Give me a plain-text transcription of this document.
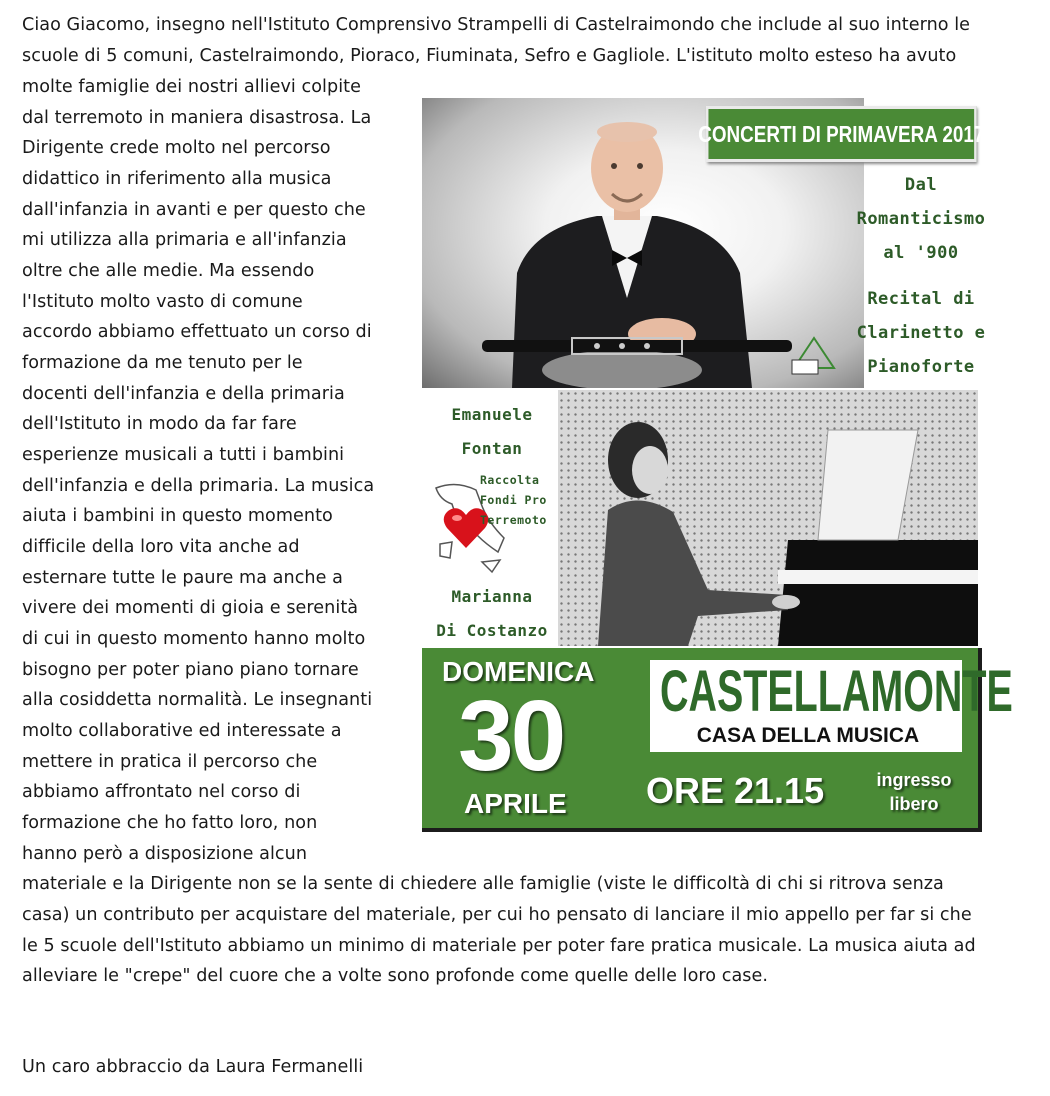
Ciao Giacomo, insegno nell'Istituto Comprensivo Strampelli di Castelraimondo che include al suo interno le
scuole di 5 comuni, Castelraimondo, Pioraco, Fiuminata, Sefro e Gagliole. L'istituto molto esteso ha avuto
molte famiglie dei nostri allievi colpite
dal terremoto in maniera disastrosa. La
Dirigente crede molto nel percorso
didattico in riferimento alla musica
dall'infanzia in avanti e per questo che
mi utilizza alla primaria e all'infanzia
oltre che alle medie. Ma essendo
l'Istituto molto vasto di comune
accordo abbiamo effettuato un corso di
formazione da me tenuto per le
docenti dell'infanzia e della primaria
dell'Istituto in modo da far fare
esperienze musicali a tutti i bambini
dell'infanzia e della primaria. La musica
aiuta i bambini in questo momento
difficile della loro vita anche ad
esternare tutte le paure ma anche a
vivere dei momenti di gioia e serenità
di cui in questo momento hanno molto
bisogno per poter piano piano tornare
alla cosiddetta normalità. Le insegnanti
molto collaborative ed interessate a
mettere in pratica il percorso che
abbiamo affrontato nel corso di
formazione che ho fatto loro, non
hanno però a disposizione alcun
materiale e la Dirigente non se la sente di chiedere alle famiglie (viste le difficoltà di chi si ritrova senza
casa) un contributo per acquistare del materiale, per cui ho pensato di lanciare il mio appello per far si che
le 5 scuole dell'Istituto abbiamo un minimo di materiale per poter fare pratica musicale. La musica aiuta ad
alleviare le "crepe" del cuore che a volte sono profonde come quelle delle loro case.
Un caro abbraccio da Laura Fermanelli
CONCERTI DI PRIMAVERA 2017
Dal
Romanticismo
al '900
Recital di
Clarinetto e
Pianoforte
Emanuele
Fontan
Raccolta
Fondi Pro
Terremoto
Marianna
Di Costanzo
DOMENICA
30
APRILE
CASTELLAMONTE
CASA DELLA MUSICA
ORE 21.15	ingresso
libero
